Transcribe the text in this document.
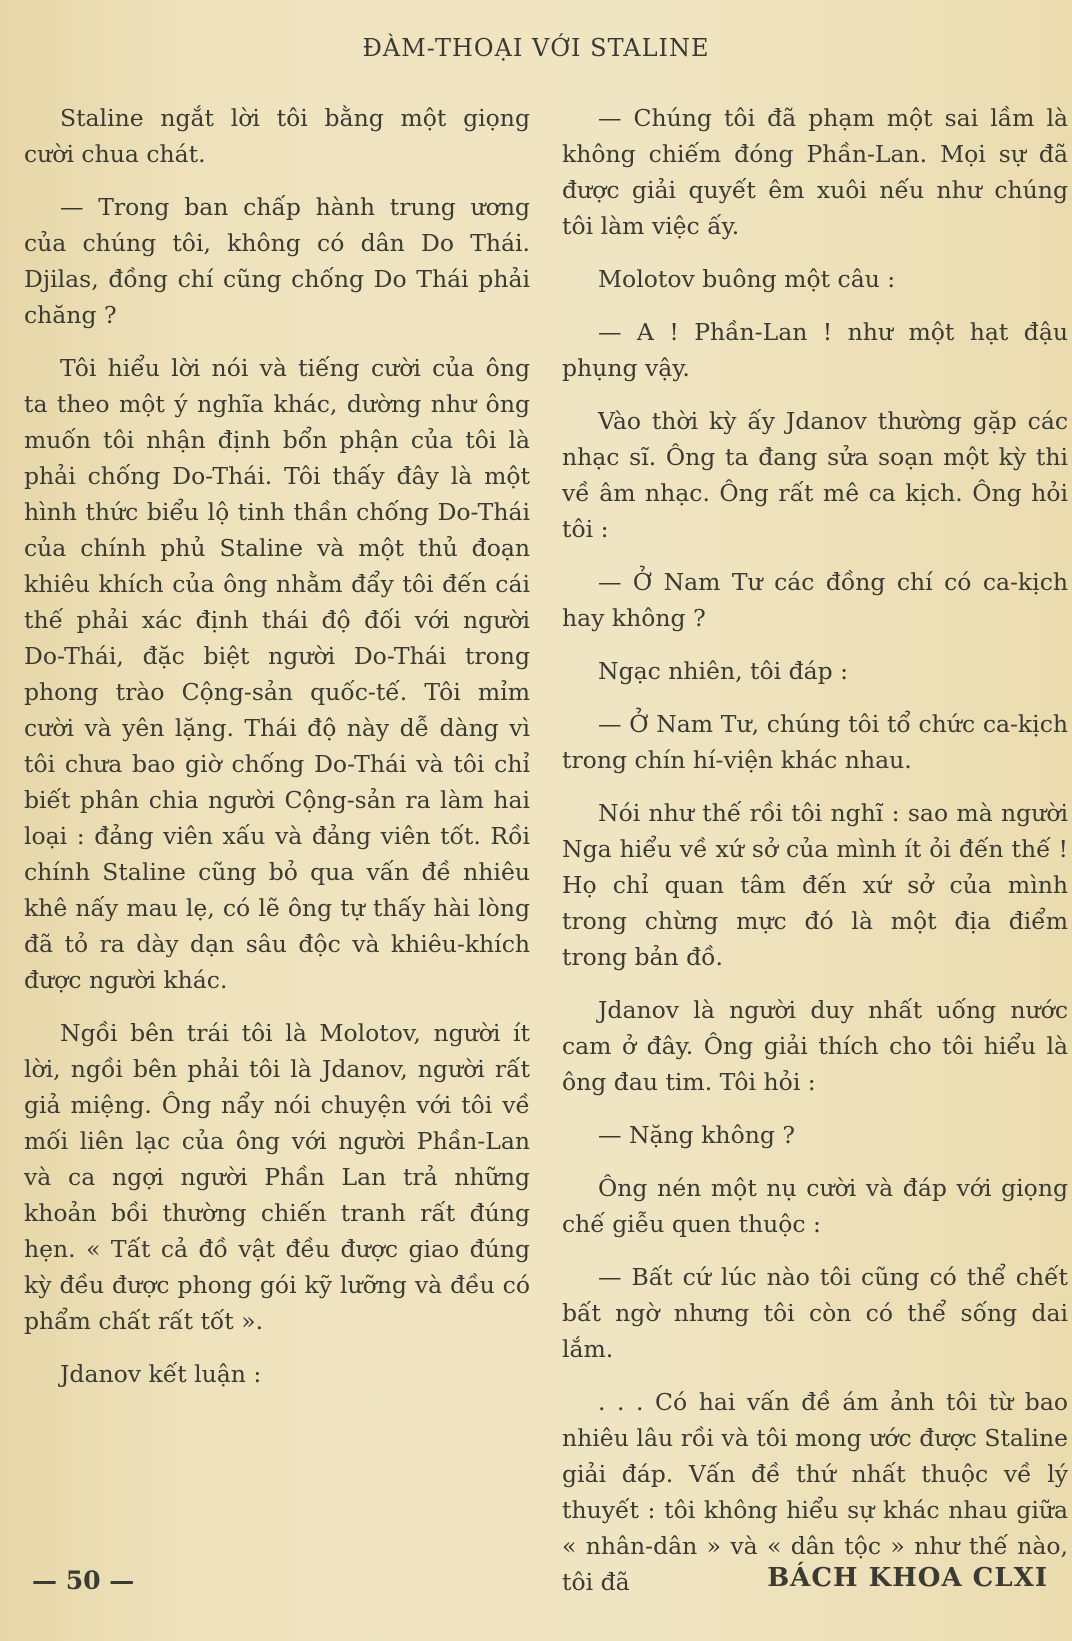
ĐÀM-THOẠI VỚI STALINE

Staline ngắt lời tôi bằng một giọng cười chua chát.

— Trong ban chấp hành trung ương của chúng tôi, không có dân Do Thái. Djilas, đồng chí cũng chống Do Thái phải chăng ?

Tôi hiểu lời nói và tiếng cười của ông ta theo một ý nghĩa khác, dường như ông muốn tôi nhận định bổn phận của tôi là phải chống Do-Thái. Tôi thấy đây là một hình thức biểu lộ tinh thần chống Do-Thái của chính phủ Staline và một thủ đoạn khiêu khích của ông nhằm đẩy tôi đến cái thế phải xác định thái độ đối với người Do-Thái, đặc biệt người Do-Thái trong phong trào Cộng-sản quốc-tế. Tôi mỉm cười và yên lặng. Thái độ này dễ dàng vì tôi chưa bao giờ chống Do-Thái và tôi chỉ biết phân chia người Cộng-sản ra làm hai loại : đảng viên xấu và đảng viên tốt. Rồi chính Staline cũng bỏ qua vấn đề nhiêu khê nấy mau lẹ, có lẽ ông tự thấy hài lòng đã tỏ ra dày dạn sâu độc và khiêu-khích được người khác.

Ngồi bên trái tôi là Molotov, người ít lời, ngồi bên phải tôi là Jdanov, người rất giả miệng. Ông nẩy nói chuyện với tôi về mối liên lạc của ông với người Phần-Lan và ca ngợi người Phần Lan trả những khoản bồi thường chiến tranh rất đúng hẹn. « Tất cả đồ vật đều được giao đúng kỳ đều được phong gói kỹ lưỡng và đều có phẩm chất rất tốt ».

Jdanov kết luận :

— Chúng tôi đã phạm một sai lầm là không chiếm đóng Phần-Lan. Mọi sự đã được giải quyết êm xuôi nếu như chúng tôi làm việc ấy.

Molotov buông một câu :

— A ! Phần-Lan ! như một hạt đậu phụng vậy.

Vào thời kỳ ấy Jdanov thường gặp các nhạc sĩ. Ông ta đang sửa soạn một kỳ thi về âm nhạc. Ông rất mê ca kịch. Ông hỏi tôi :

— Ở Nam Tư các đồng chí có ca-kịch hay không ?

Ngạc nhiên, tôi đáp :

— Ở Nam Tư, chúng tôi tổ chức ca-kịch trong chín hí-viện khác nhau.

Nói như thế rồi tôi nghĩ : sao mà người Nga hiểu về xứ sở của mình ít ỏi đến thế ! Họ chỉ quan tâm đến xứ sở của mình trong chừng mực đó là một địa điểm trong bản đồ.

Jdanov là người duy nhất uống nước cam ở đây. Ông giải thích cho tôi hiểu là ông đau tim. Tôi hỏi :

— Nặng không ?

Ông nén một nụ cười và đáp với giọng chế giễu quen thuộc :

— Bất cứ lúc nào tôi cũng có thể chết bất ngờ nhưng tôi còn có thể sống dai lắm.

. . . Có hai vấn đề ám ảnh tôi từ bao nhiêu lâu rồi và tôi mong ước được Staline giải đáp. Vấn đề thứ nhất thuộc về lý thuyết : tôi không hiểu sự khác nhau giữa « nhân-dân » và « dân tộc » như thế nào, tôi đã

— 50 —	BÁCH KHOA CLXI
